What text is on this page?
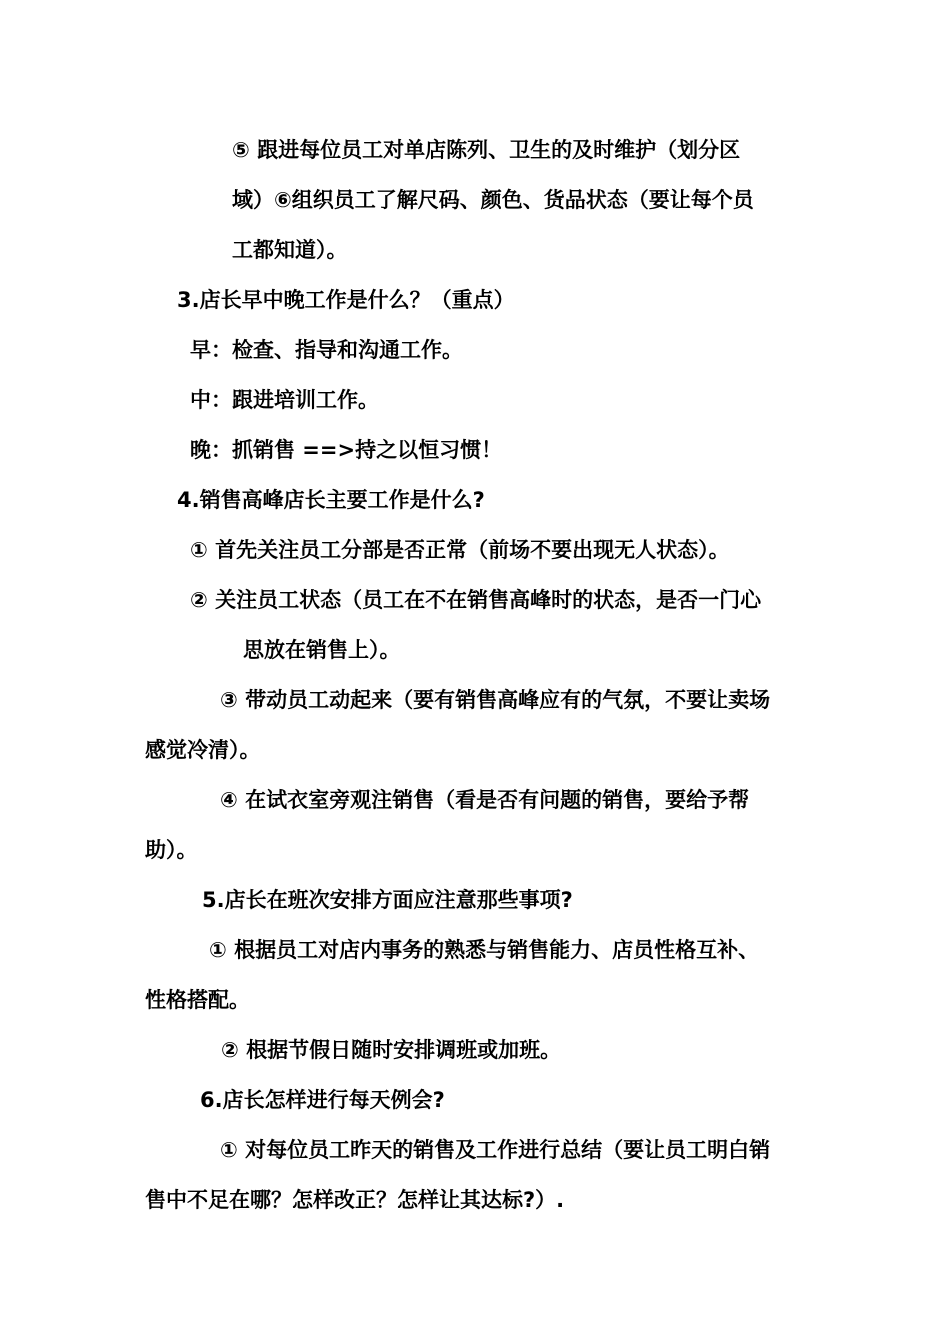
⑤ 跟进每位员工对单店陈列、卫生的及时维护（划分区
域）⑥组织员工了解尺码、颜色、货品状态（要让每个员
工都知道）。
3.店长早中晚工作是什么？（重点）
早：检查、指导和沟通工作。
中：跟进培训工作。
晚：抓销售 ==>持之以恒习惯！
4.销售高峰店长主要工作是什么?
① 首先关注员工分部是否正常（前场不要出现无人状态）。
② 关注员工状态（员工在不在销售高峰时的状态，是否一门心
思放在销售上）。
③ 带动员工动起来（要有销售高峰应有的气氛，不要让卖场
感觉冷清）。
④ 在试衣室旁观注销售（看是否有问题的销售，要给予帮
助）。
5.店长在班次安排方面应注意那些事项?
① 根据员工对店内事务的熟悉与销售能力、店员性格互补、
性格搭配。
② 根据节假日随时安排调班或加班。
6.店长怎样进行每天例会?
① 对每位员工昨天的销售及工作进行总结（要让员工明白销
售中不足在哪？怎样改正？怎样让其达标?）.
